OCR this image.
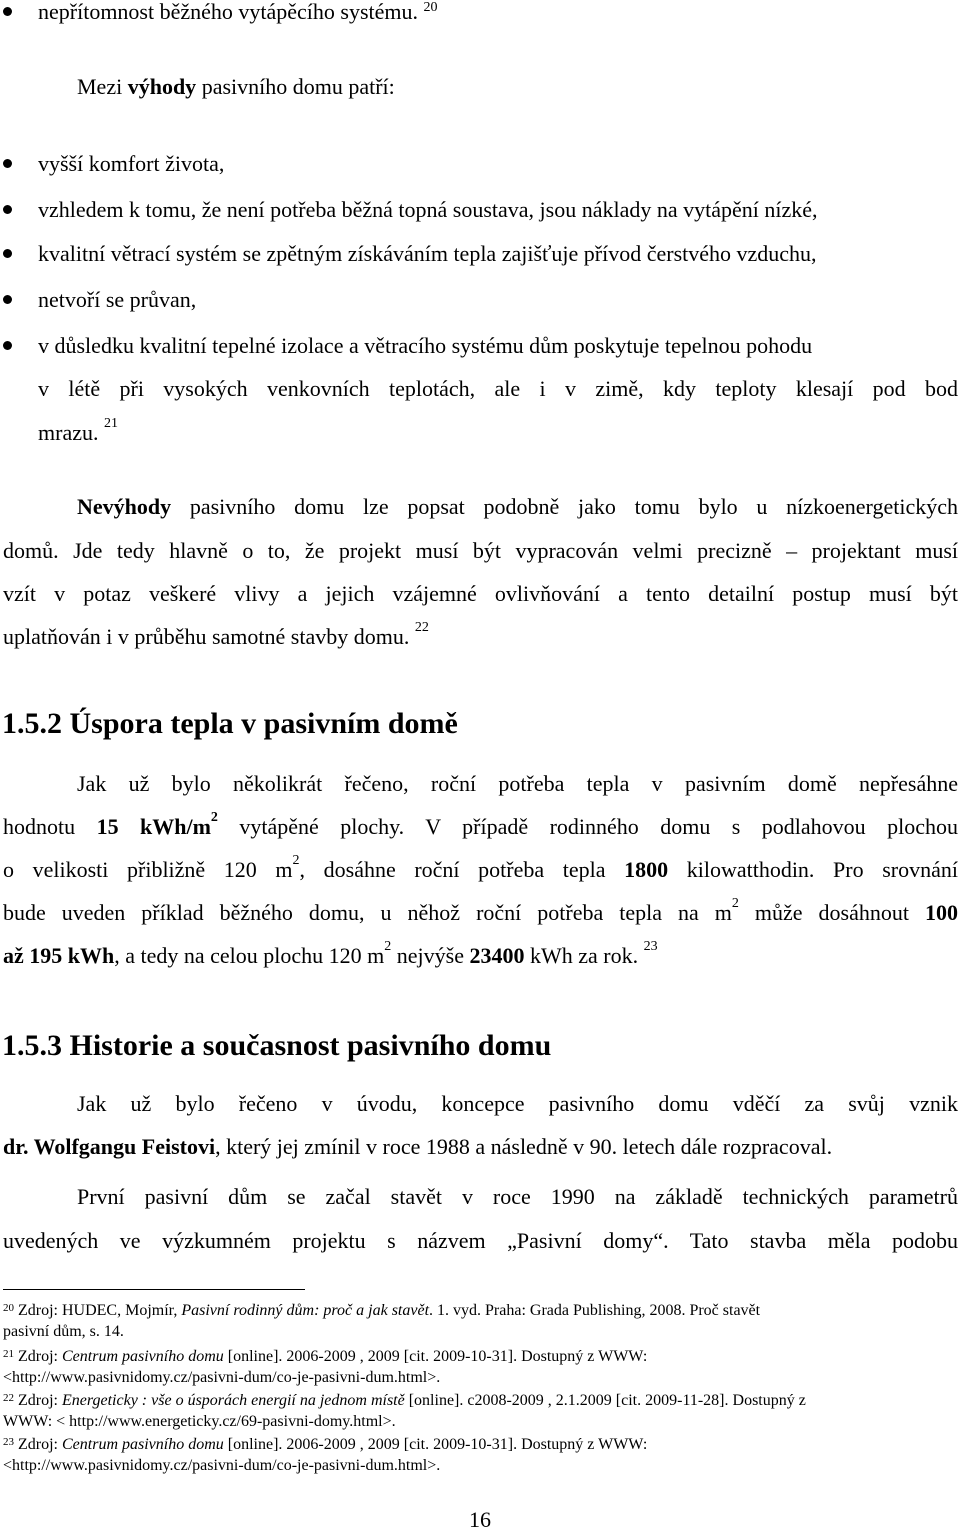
nepřítomnost běžného vytápěcího systému. $^{20}$
Mezi výhody pasivního domu patří:
vyšší komfort života,
vzhledem k tomu, že není potřeba běžná topná soustava, jsou náklady na vytápění nízké,
kvalitní větrací systém se zpětným získáváním tepla zajišťuje přívod čerstvého vzduchu,
netvoří se průvan,
v důsledku kvalitní tepelné izolace a větracího systému dům poskytuje tepelnou pohodu
v létě při vysokých venkovních teplotách, ale i v zimě, kdy teploty klesají pod bod
mrazu. $^{21}$
Nevýhody pasivního domu lze popsat podobně jako tomu bylo u nízkoenergetických
domů. Jde tedy hlavně o to, že projekt musí být vypracován velmi precizně – projektant musí
vzít v potaz veškeré vlivy a jejich vzájemné ovlivňování a tento detailní postup musí být
uplatňován i v průběhu samotné stavby domu. $^{22}$
1.5.2 Úspora tepla v pasivním domě
Jak už bylo několikrát řečeno, roční potřeba tepla v pasivním domě nepřesáhne
hodnotu 15 kWh/$m^2$ vytápěné plochy. V případě rodinného domu s podlahovou plochou
o velikosti přibližně 120 $m^2$, dosáhne roční potřeba tepla 1800 kilowatthodin. Pro srovnání
bude uveden příklad běžného domu, u něhož roční potřeba tepla na $m^2$ může dosáhnout 100
až 195 kWh, a tedy na celou plochu 120 $m^2$ nejvýše 23400 kWh za rok. $^{23}$
1.5.3 Historie a současnost pasivního domu
Jak už bylo řečeno v úvodu, koncepce pasivního domu vděčí za svůj vznik
dr. Wolfgangu Feistovi, který jej zmínil v roce 1988 a následně v 90. letech dále rozpracoval.
První pasivní dům se začal stavět v roce 1990 na základě technických parametrů
uvedených ve výzkumném projektu s názvem „Pasivní domy“. Tato stavba měla podobu
$^{20}$ Zdroj: HUDEC, Mojmír, Pasivní rodinný dům: proč a jak stavět. 1. vyd. Praha: Grada Publishing, 2008. Proč stavět
pasivní dům, s. 14.
$^{21}$ Zdroj: Centrum pasivního domu [online]. 2006-2009 , 2009 [cit. 2009-10-31]. Dostupný z WWW:
<http://www.pasivnidomy.cz/pasivni-dum/co-je-pasivni-dum.html>.
$^{22}$ Zdroj: Energeticky : vše o úsporách energií na jednom místě [online]. c2008-2009 , 2.1.2009 [cit. 2009-11-28]. Dostupný z
WWW: < http://www.energeticky.cz/69-pasivni-domy.html>.
$^{23}$ Zdroj: Centrum pasivního domu [online]. 2006-2009 , 2009 [cit. 2009-10-31]. Dostupný z WWW:
<http://www.pasivnidomy.cz/pasivni-dum/co-je-pasivni-dum.html>.
16
